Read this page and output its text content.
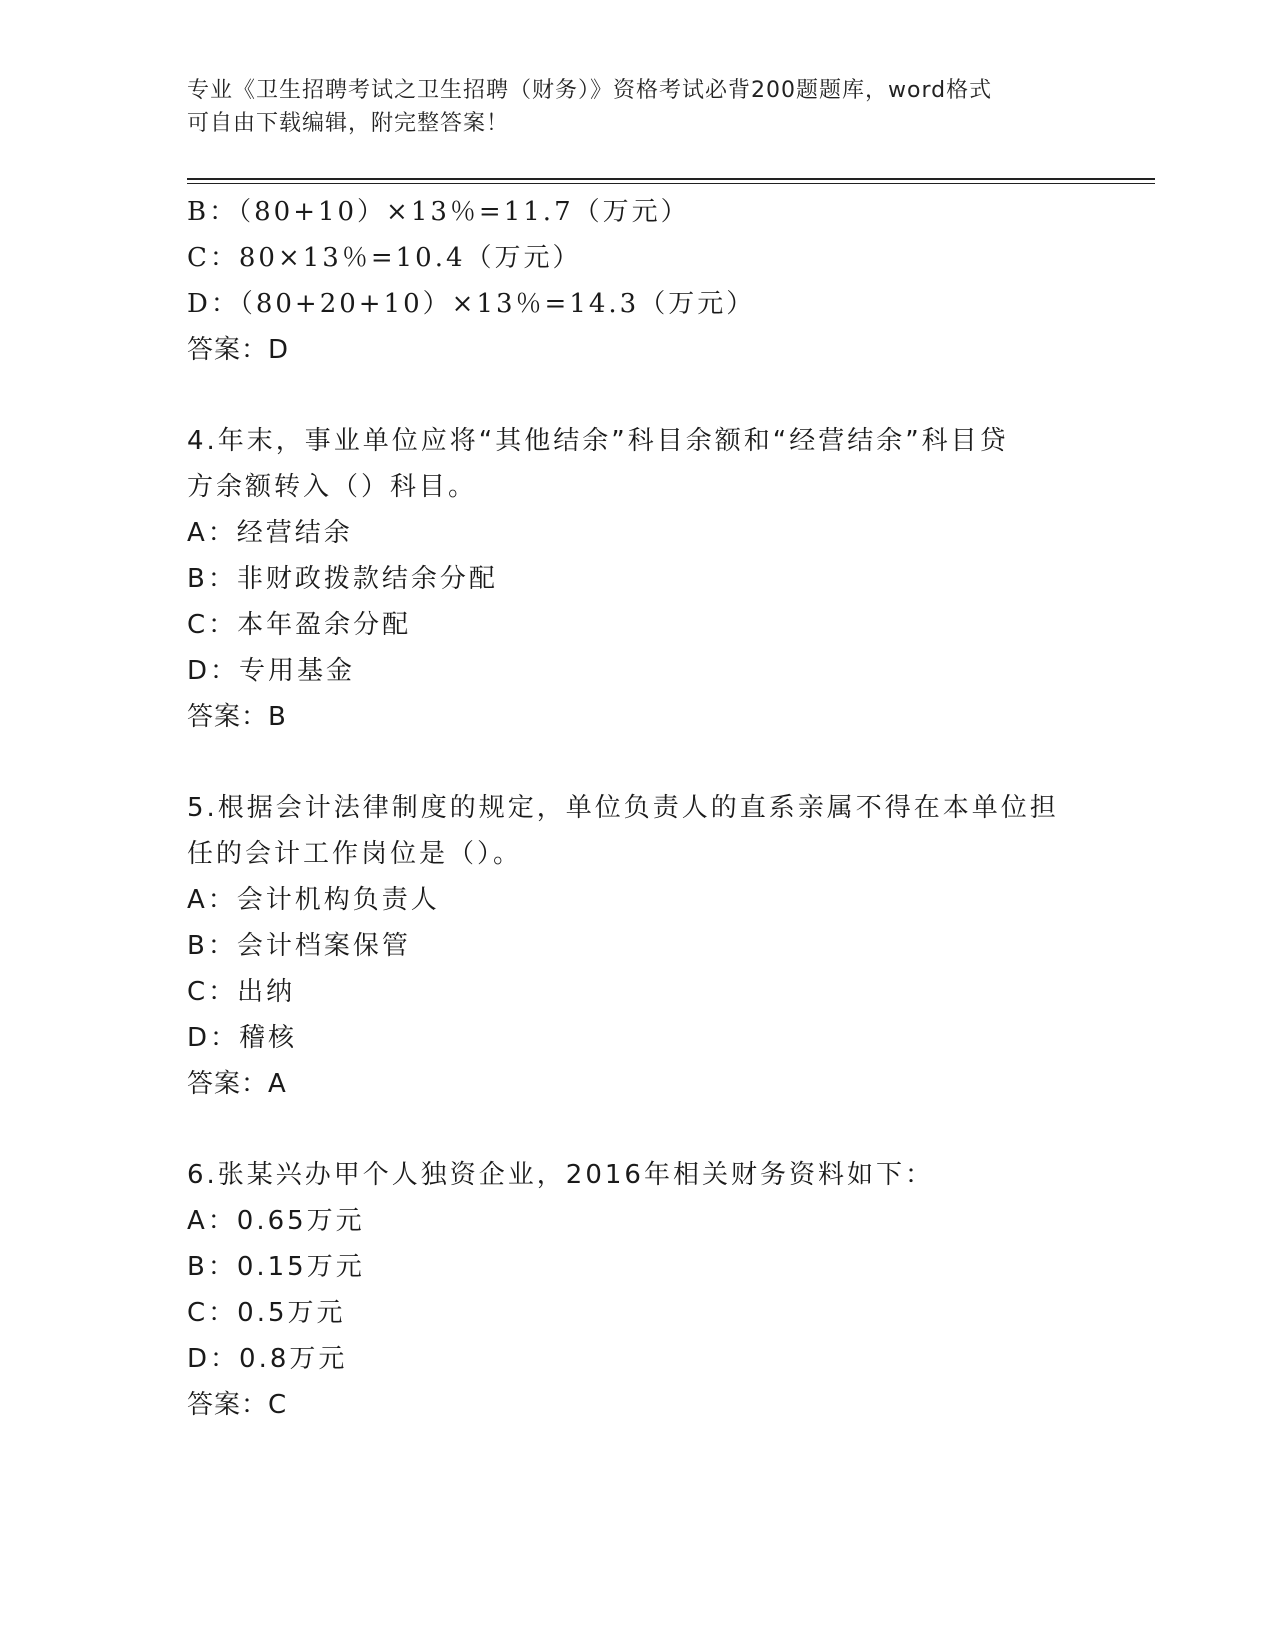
专业《卫生招聘考试之卫生招聘（财务）》资格考试必背200题题库，word格式
可自由下载编辑，附完整答案！
B：（80+10）×13％=11.7（万元）
C：80×13％=10.4（万元）
D：（80+20+10）×13％=14.3（万元）
答案：D
4.年末，事业单位应将“其他结余”科目余额和“经营结余”科目贷
方余额转入（）科目。
A：经营结余
B：非财政拨款结余分配
C：本年盈余分配
D：专用基金
答案：B
5.根据会计法律制度的规定，单位负责人的直系亲属不得在本单位担
任的会计工作岗位是（）。
A：会计机构负责人
B：会计档案保管
C：出纳
D：稽核
答案：A
6.张某兴办甲个人独资企业，2016年相关财务资料如下：
A：0.65万元
B：0.15万元
C：0.5万元
D：0.8万元
答案：C
